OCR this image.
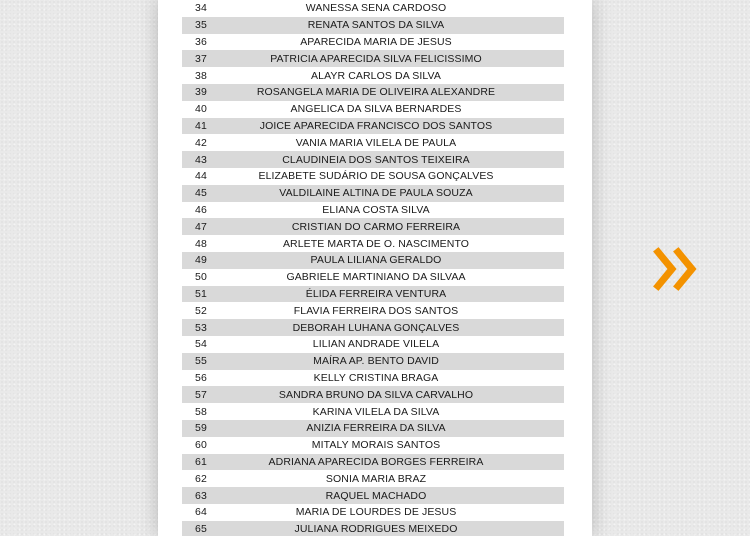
34	WANESSA SENA CARDOSO
35	RENATA SANTOS DA SILVA
36	APARECIDA MARIA DE JESUS
37	PATRICIA APARECIDA SILVA FELICISSIMO
38	ALAYR CARLOS DA SILVA
39	ROSANGELA MARIA DE OLIVEIRA ALEXANDRE
40	ANGELICA DA SILVA BERNARDES
41	JOICE APARECIDA FRANCISCO DOS SANTOS
42	VANIA MARIA VILELA DE PAULA
43	CLAUDINEIA DOS SANTOS TEIXEIRA
44	ELIZABETE SUDÁRIO DE SOUSA GONÇALVES
45	VALDILAINE ALTINA DE PAULA SOUZA
46	ELIANA COSTA SILVA
47	CRISTIAN DO CARMO FERREIRA
48	ARLETE MARTA DE O. NASCIMENTO
49	PAULA LILIANA GERALDO
50	GABRIELE MARTINIANO DA SILVAA
51	ÉLIDA FERREIRA VENTURA
52	FLAVIA FERREIRA DOS SANTOS
53	DEBORAH LUHANA GONÇALVES
54	LILIAN ANDRADE VILELA
55	MAÍRA AP. BENTO DAVID
56	KELLY CRISTINA BRAGA
57	SANDRA BRUNO DA SILVA CARVALHO
58	KARINA VILELA DA SILVA
59	ANIZIA FERREIRA DA SILVA
60	MITALY MORAIS SANTOS
61	ADRIANA APARECIDA BORGES FERREIRA
62	SONIA MARIA BRAZ
63	RAQUEL MACHADO
64	MARIA DE LOURDES DE JESUS
65	JULIANA RODRIGUES MEIXEDO
